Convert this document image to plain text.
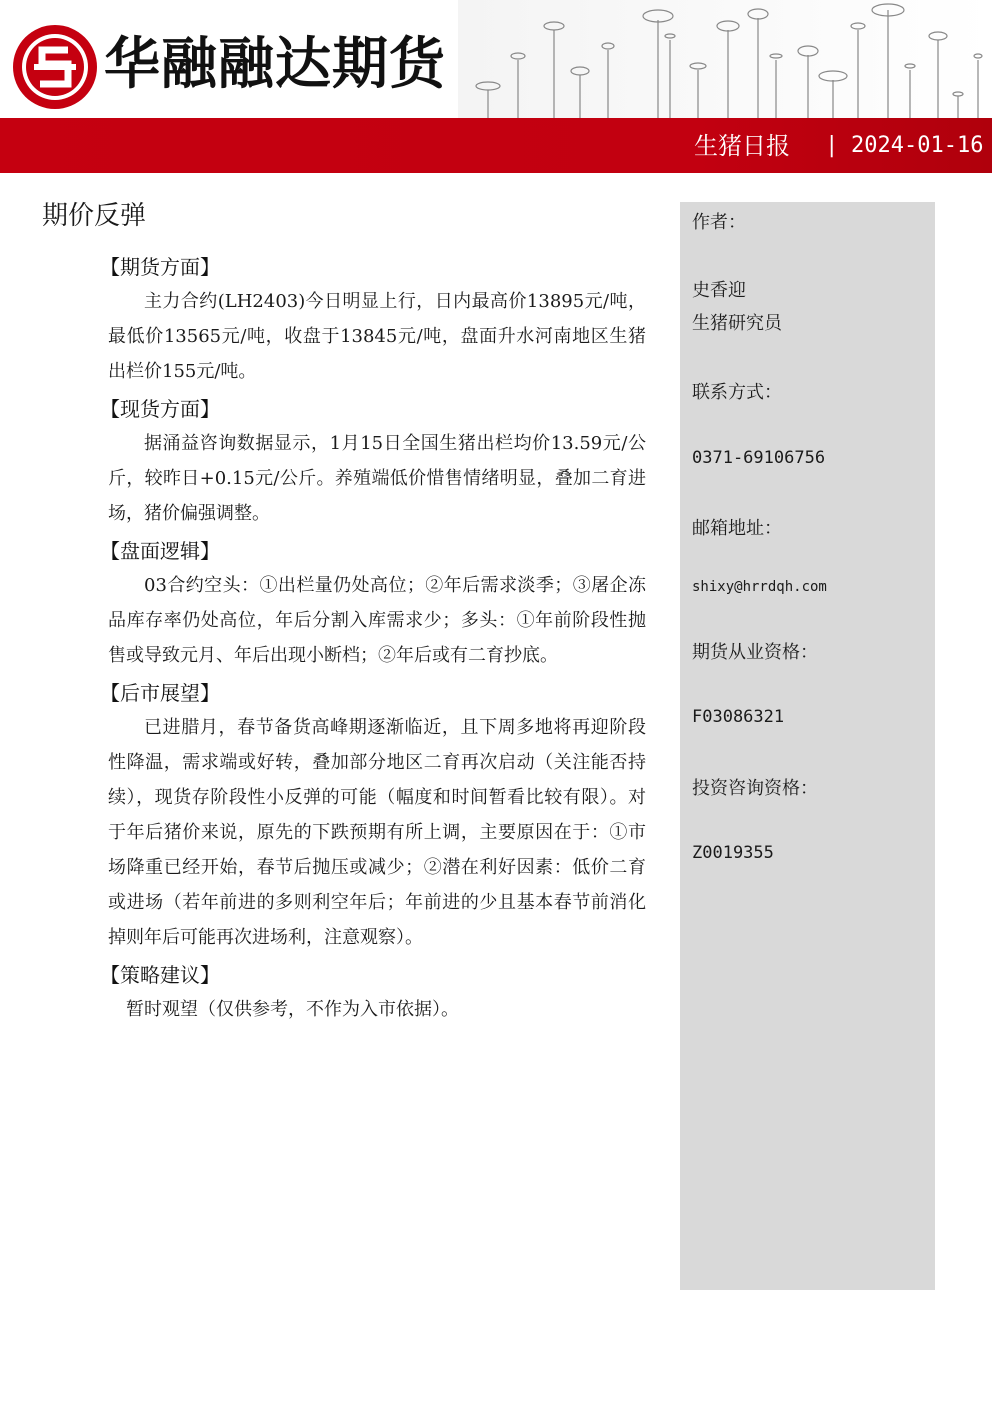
华融融达期货
生猪日报 | 2024-01-16
期价反弹
【期货方面】

主力合约(LH2403)今日明显上行，日内最高价13895元/吨，最低价13565元/吨，收盘于13845元/吨，盘面升水河南地区生猪出栏价155元/吨。

【现货方面】

据涌益咨询数据显示，1月15日全国生猪出栏均价13.59元/公斤，较昨日+0.15元/公斤。养殖端低价惜售情绪明显，叠加二育进场，猪价偏强调整。

【盘面逻辑】

03合约空头：①出栏量仍处高位；②年后需求淡季；③屠企冻品库存率仍处高位，年后分割入库需求少；多头：①年前阶段性抛售或导致元月、年后出现小断档；②年后或有二育抄底。

【后市展望】

已进腊月，春节备货高峰期逐渐临近，且下周多地将再迎阶段性降温，需求端或好转，叠加部分地区二育再次启动（关注能否持续），现货存阶段性小反弹的可能（幅度和时间暂看比较有限）。对于年后猪价来说，原先的下跌预期有所上调，主要原因在于：①市场降重已经开始，春节后抛压或减少；②潜在利好因素：低价二育或进场（若年前进的多则利空年后；年前进的少且基本春节前消化掉则年后可能再次进场利，注意观察）。

【策略建议】

暂时观望（仅供参考，不作为入市依据）。

作者：
史香迎
生猪研究员
联系方式：
0371-69106756
邮箱地址：
shixy@hrrdqh.com
期货从业资格：
F03086321
投资咨询资格：
Z0019355
